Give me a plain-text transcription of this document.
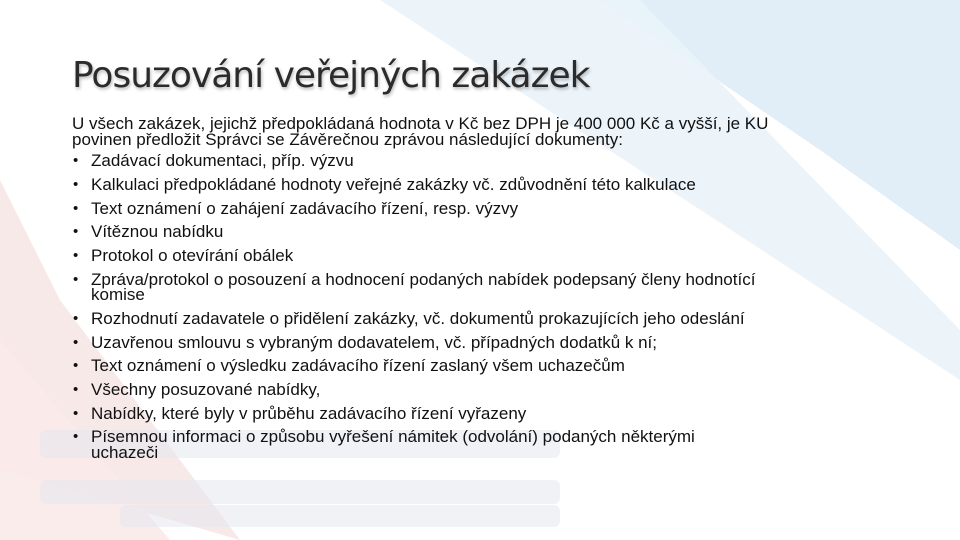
Posuzování veřejných zakázek

U všech zakázek, jejichž předpokládaná hodnota v Kč bez DPH je 400 000 Kč a vyšší, je KU
povinen předložit Správci se Závěrečnou zprávou následující dokumenty:

• Zadávací dokumentaci, příp. výzvu
• Kalkulaci předpokládané hodnoty veřejné zakázky vč. zdůvodnění této kalkulace
• Text oznámení o zahájení zadávacího řízení, resp. výzvy
• Vítěznou nabídku
• Protokol o otevírání obálek
• Zpráva/protokol o posouzení a hodnocení podaných nabídek podepsaný členy hodnotící
komise
• Rozhodnutí zadavatele o přidělení zakázky, vč. dokumentů prokazujících jeho odeslání
• Uzavřenou smlouvu s vybraným dodavatelem, vč. případných dodatků k ní;
• Text oznámení o výsledku zadávacího řízení zaslaný všem uchazečům
• Všechny posuzované nabídky,
• Nabídky, které byly v průběhu zadávacího řízení vyřazeny
• Písemnou informaci o způsobu vyřešení námitek (odvolání) podaných některými
uchazeči
